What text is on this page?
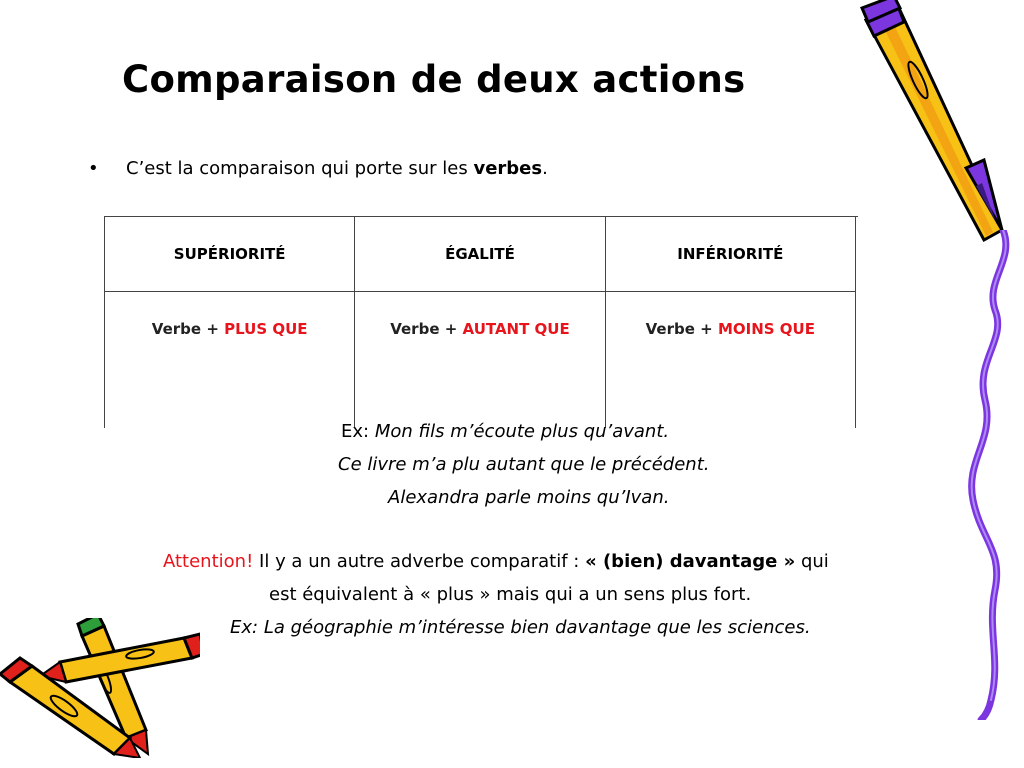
Comparaison de deux actions
• C’est la comparaison qui porte sur les verbes.
SUPÉRIORITÉ	ÉGALITÉ	INFÉRIORITÉ
Verbe + PLUS QUE	Verbe + AUTANT QUE	Verbe + MOINS QUE
Ex: Mon fils m’écoute plus qu’avant.
Ce livre m’a plu autant que le précédent.
Alexandra parle moins qu’Ivan.
Attention! Il y a un autre adverbe comparatif : « (bien) davantage » qui
est équivalent à « plus » mais qui a un sens plus fort.
Ex: La géographie m’intéresse bien davantage que les sciences.
